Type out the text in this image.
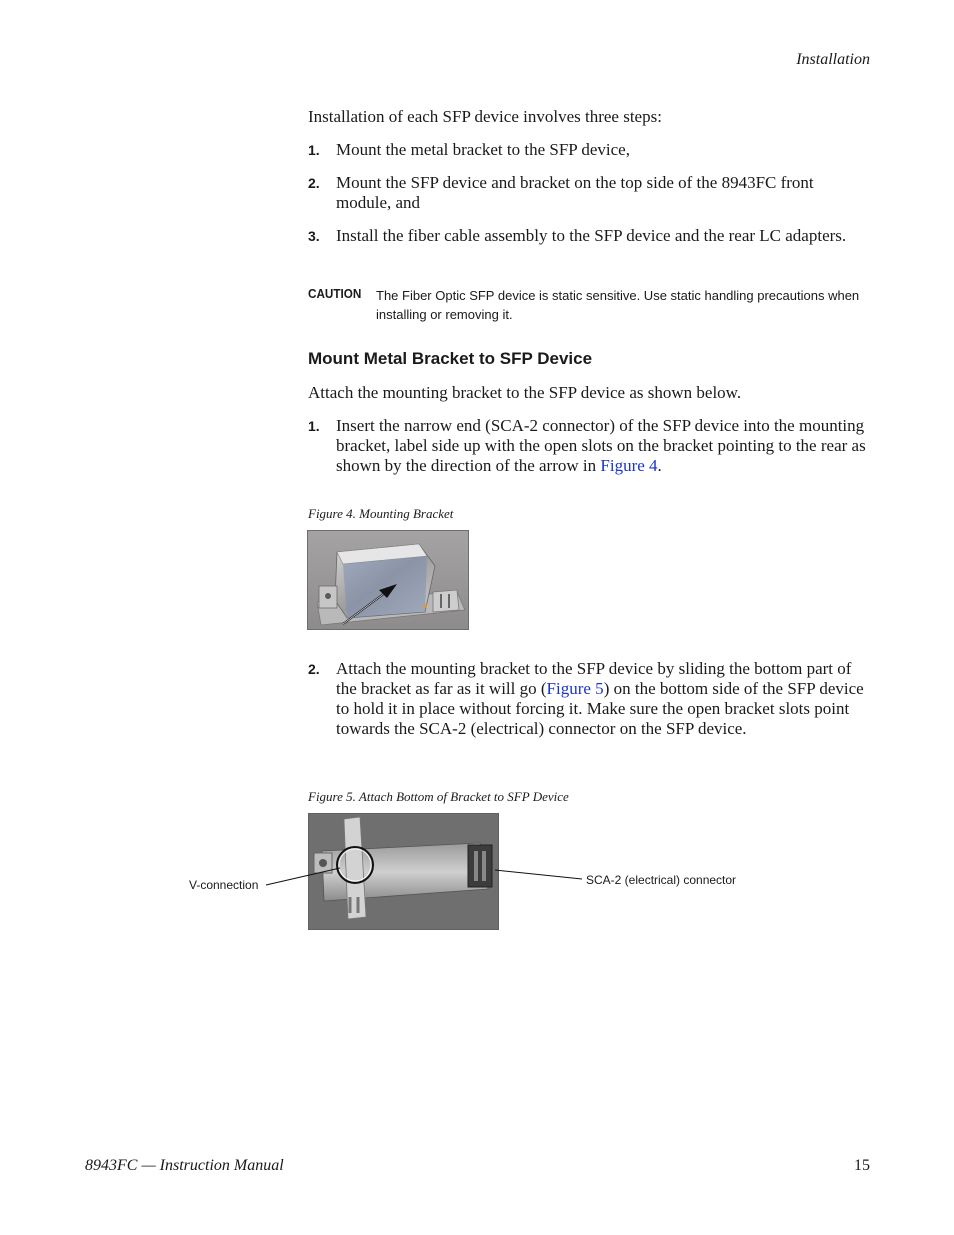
Installation
Installation of each SFP device involves three steps:
1. Mount the metal bracket to the SFP device,
2. Mount the SFP device and bracket on the top side of the 8943FC front module, and
3. Install the fiber cable assembly to the SFP device and the rear LC adapters.
CAUTION The Fiber Optic SFP device is static sensitive. Use static handling precautions when installing or removing it.
Mount Metal Bracket to SFP Device
Attach the mounting bracket to the SFP device as shown below.
1. Insert the narrow end (SCA-2 connector) of the SFP device into the mounting bracket, label side up with the open slots on the bracket pointing to the rear as shown by the direction of the arrow in Figure 4.
Figure 4. Mounting Bracket
2. Attach the mounting bracket to the SFP device by sliding the bottom part of the bracket as far as it will go (Figure 5) on the bottom side of the SFP device to hold it in place without forcing it. Make sure the open bracket slots point towards the SCA-2 (electrical) connector on the SFP device.
Figure 5. Attach Bottom of Bracket to SFP Device
V-connection	SCA-2 (electrical) connector
8943FC — Instruction Manual	15
